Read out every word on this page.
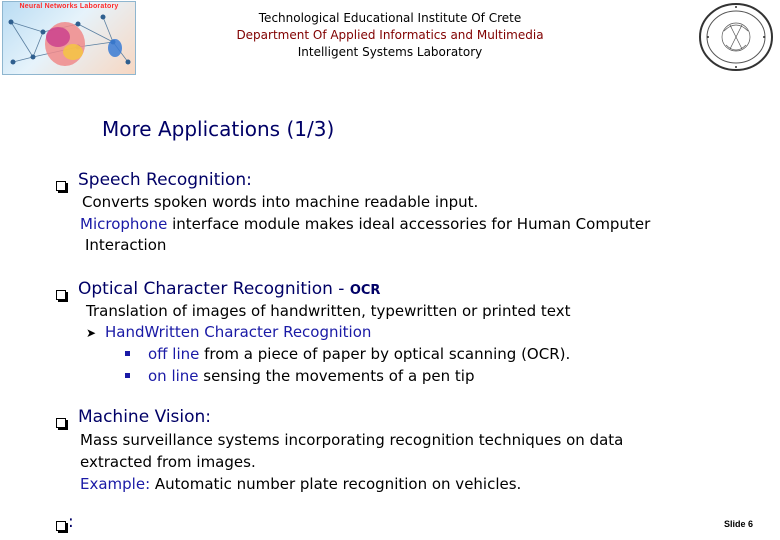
Neural Networks Laboratory
Technological Educational Institute Of Crete
Department Of Applied Informatics and Multimedia
Intelligent Systems Laboratory
More Applications (1/3)
Speech Recognition:
Converts spoken words into machine readable input.
Microphone interface module makes ideal accessories for Human Computer
Interaction
Optical Character Recognition - OCR
Translation of images of handwritten, typewritten or printed text
➤ HandWritten Character Recognition
off line from a piece of paper by optical scanning (OCR).
on line sensing the movements of a pen tip
Machine Vision:
Mass surveillance systems incorporating recognition techniques on data
extracted from images.
Example: Automatic number plate recognition on vehicles.
:	Slide 6
